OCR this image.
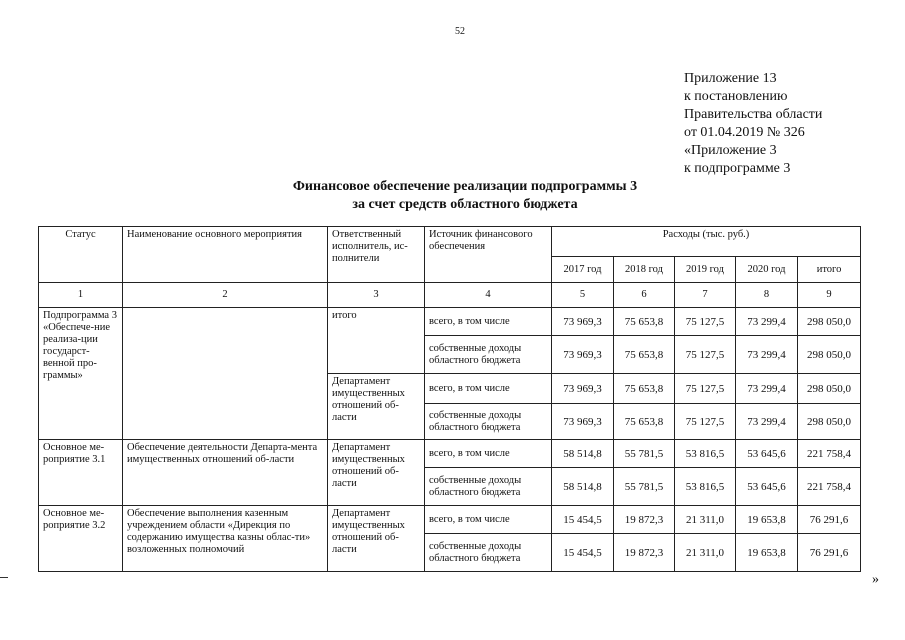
52
Приложение 13
к постановлению
Правительства области
от 01.04.2019 № 326
«Приложение 3
к подпрограмме 3
Финансовое обеспечение реализации подпрограммы 3
за счет средств областного бюджета
Статус	Наименование основного мероприятия	Ответственный исполнитель, ис-полнители	Источник финансового обеспечения	Расходы (тыс. руб.)				
				2017 год	2018 год	2019 год	2020 год	итого
1	2	3	4	5	6	7	8	9
Подпрограмма 3 «Обеспече-ние реализа-ции государст-венной про-граммы»		итого	всего, в том числе	73 969,3	75 653,8	75 127,5	73 299,4	298 050,0
			собственные доходы областного бюджета	73 969,3	75 653,8	75 127,5	73 299,4	298 050,0
		Департамент имущественных отношений об-ласти	всего, в том числе	73 969,3	75 653,8	75 127,5	73 299,4	298 050,0
			собственные доходы областного бюджета	73 969,3	75 653,8	75 127,5	73 299,4	298 050,0
Основное ме-роприятие 3.1	Обеспечение деятельности Департа-мента имущественных отношений об-ласти	Департамент имущественных отношений об-ласти	всего, в том числе	58 514,8	55 781,5	53 816,5	53 645,6	221 758,4
			собственные доходы областного бюджета	58 514,8	55 781,5	53 816,5	53 645,6	221 758,4
Основное ме-роприятие 3.2	Обеспечение выполнения казенным учреждением области «Дирекция по содержанию имущества казны облас-ти» возложенных полномочий	Департамент имущественных отношений об-ласти	всего, в том числе	15 454,5	19 872,3	21 311,0	19 653,8	76 291,6
			собственные доходы областного бюджета	15 454,5	19 872,3	21 311,0	19 653,8	76 291,6
»
